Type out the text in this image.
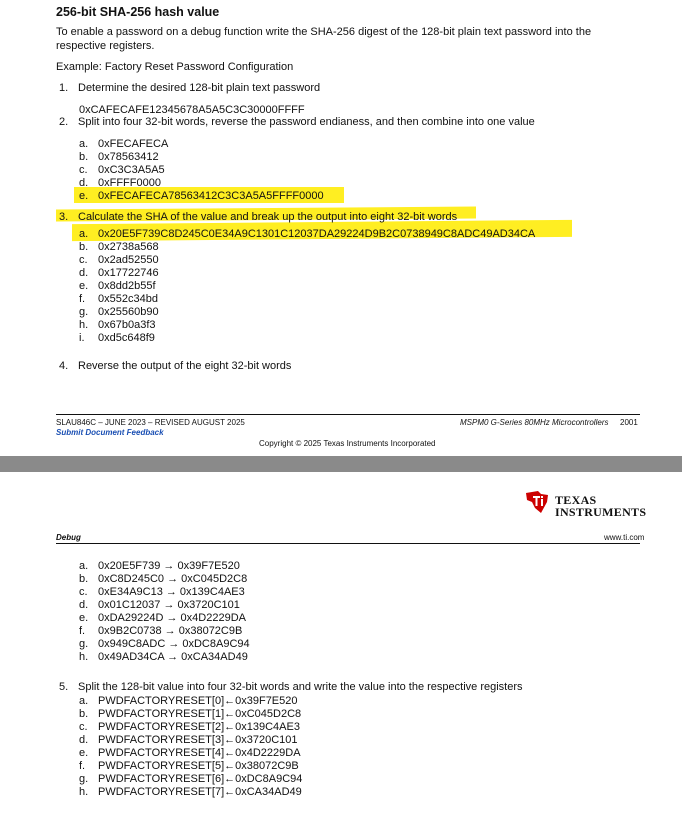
256-bit SHA-256 hash value
To enable a password on a debug function write the SHA-256 digest of the 128-bit plain text password into the
respective registers.
Example: Factory Reset Password Configuration
1. Determine the desired 128-bit plain text password
0xCAFECAFE12345678A5A5C3C30000FFFF
2. Split into four 32-bit words, reverse the password endianess, and then combine into one value
a. 0xFECAFECA
b. 0x78563412
c. 0xC3C3A5A5
d. 0xFFFF0000
e. 0xFECAFECA78563412C3C3A5A5FFFF0000
3. Calculate the SHA of the value and break up the output into eight 32-bit words
a. 0x20E5F739C8D245C0E34A9C1301C12037DA29224D9B2C0738949C8ADC49AD34CA
b. 0x2738a568
c. 0x2ad52550
d. 0x17722746
e. 0x8dd2b55f
f. 0x552c34bd
g. 0x25560b90
h. 0x67b0a3f3
i. 0xd5c648f9
4. Reverse the output of the eight 32-bit words
SLAU846C – JUNE 2023 – REVISED AUGUST 2025
Submit Document Feedback
MSPM0 G-Series 80MHz Microcontrollers 2001
Copyright © 2025 Texas Instruments Incorporated
TEXAS
INSTRUMENTS
Debug	www.ti.com
a. 0x20E5F739 → 0x39F7E520
b. 0xC8D245C0 → 0xC045D2C8
c. 0xE34A9C13 → 0x139C4AE3
d. 0x01C12037 → 0x3720C101
e. 0xDA29224D → 0x4D2229DA
f. 0x9B2C0738 → 0x38072C9B
g. 0x949C8ADC → 0xDC8A9C94
h. 0x49AD34CA → 0xCA34AD49
5. Split the 128-bit value into four 32-bit words and write the value into the respective registers
a. PWDFACTORYRESET[0]←0x39F7E520
b. PWDFACTORYRESET[1]←0xC045D2C8
c. PWDFACTORYRESET[2]←0x139C4AE3
d. PWDFACTORYRESET[3]←0x3720C101
e. PWDFACTORYRESET[4]←0x4D2229DA
f. PWDFACTORYRESET[5]←0x38072C9B
g. PWDFACTORYRESET[6]←0xDC8A9C94
h. PWDFACTORYRESET[7]←0xCA34AD49
